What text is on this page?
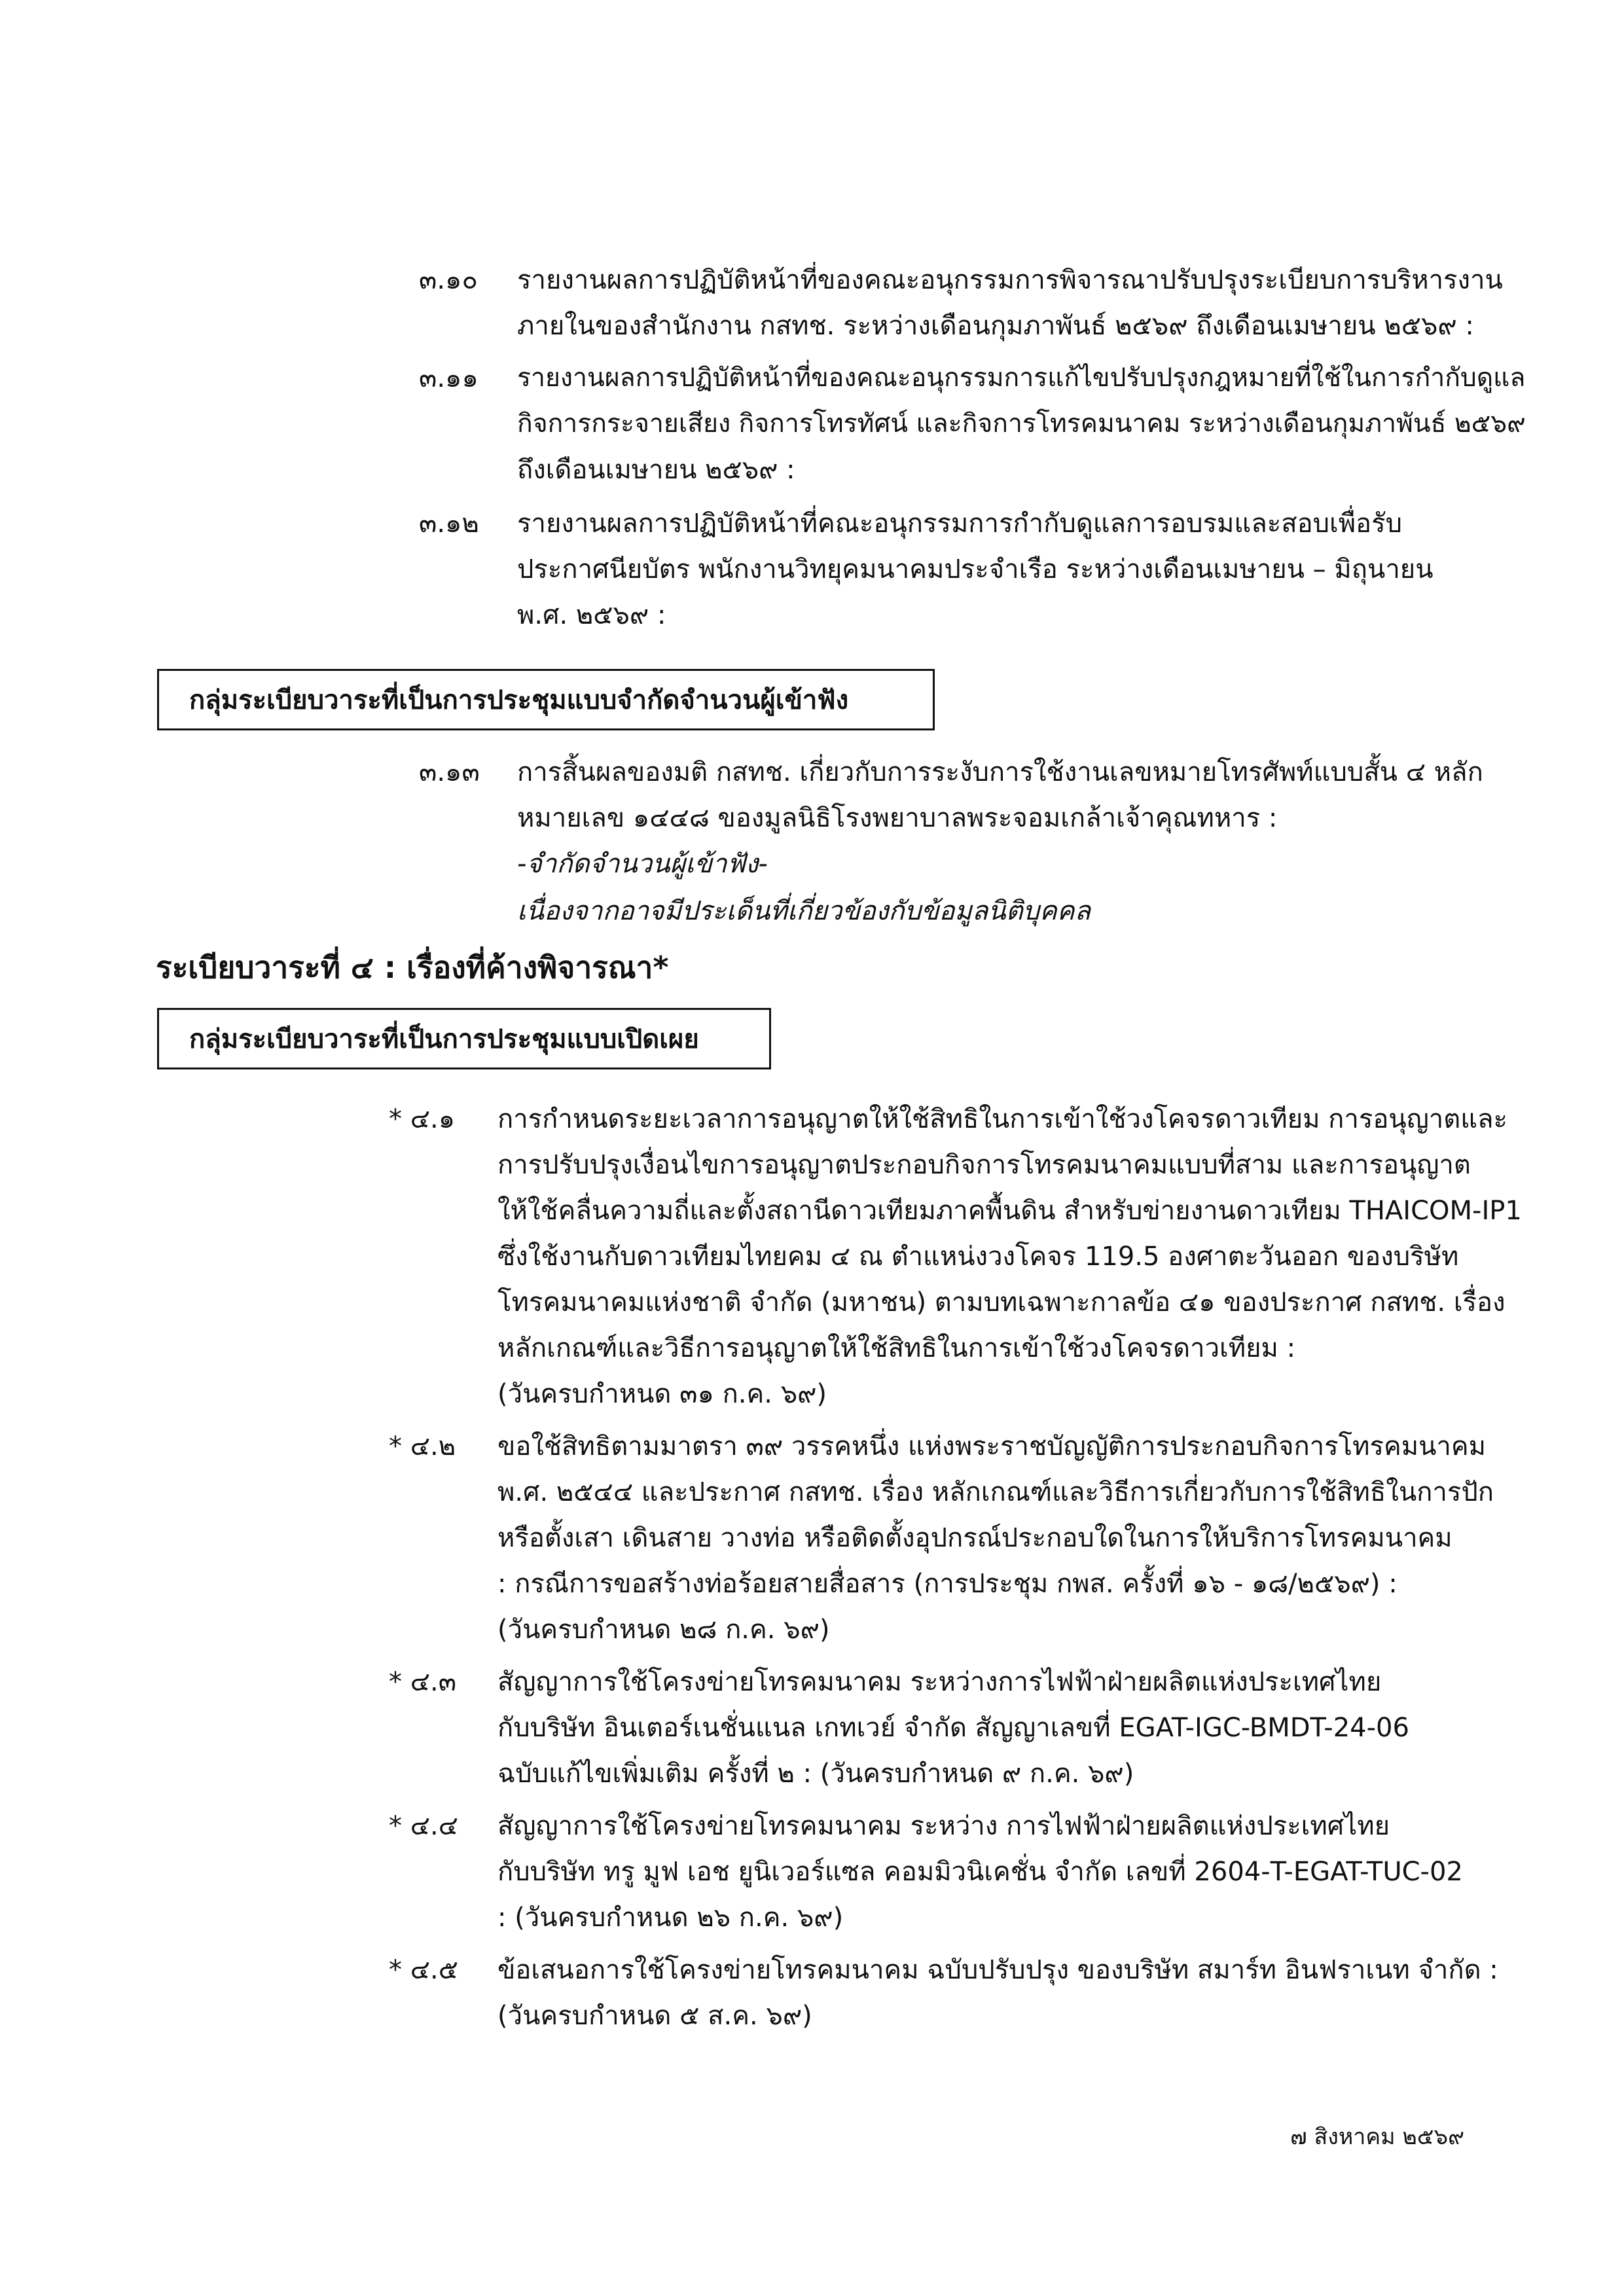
๓.๑๐ รายงานผลการปฏิบัติหน้าที่ของคณะอนุกรรมการพิจารณาปรับปรุงระเบียบการบริหารงาน
ภายในของสำนักงาน กสทช. ระหว่างเดือนกุมภาพันธ์ ๒๕๖๙ ถึงเดือนเมษายน ๒๕๖๙ :
๓.๑๑ รายงานผลการปฏิบัติหน้าที่ของคณะอนุกรรมการแก้ไขปรับปรุงกฎหมายที่ใช้ในการกำกับดูแล
กิจการกระจายเสียง กิจการโทรทัศน์ และกิจการโทรคมนาคม ระหว่างเดือนกุมภาพันธ์ ๒๕๖๙
ถึงเดือนเมษายน ๒๕๖๙ :
๓.๑๒ รายงานผลการปฏิบัติหน้าที่คณะอนุกรรมการกำกับดูแลการอบรมและสอบเพื่อรับ
ประกาศนียบัตร พนักงานวิทยุคมนาคมประจำเรือ ระหว่างเดือนเมษายน – มิถุนายน
พ.ศ. ๒๕๖๙ :
กลุ่มระเบียบวาระที่เป็นการประชุมแบบจำกัดจำนวนผู้เข้าฟัง
๓.๑๓ การสิ้นผลของมติ กสทช. เกี่ยวกับการระงับการใช้งานเลขหมายโทรศัพท์แบบสั้น ๔ หลัก
หมายเลข ๑๔๔๘ ของมูลนิธิโรงพยาบาลพระจอมเกล้าเจ้าคุณทหาร :
-จำกัดจำนวนผู้เข้าฟัง-
เนื่องจากอาจมีประเด็นที่เกี่ยวข้องกับข้อมูลนิติบุคคล
ระเบียบวาระที่ ๔ : เรื่องที่ค้างพิจารณา*
กลุ่มระเบียบวาระที่เป็นการประชุมแบบเปิดเผย
* ๔.๑ การกำหนดระยะเวลาการอนุญาตให้ใช้สิทธิในการเข้าใช้วงโคจรดาวเทียม การอนุญาตและ
การปรับปรุงเงื่อนไขการอนุญาตประกอบกิจการโทรคมนาคมแบบที่สาม และการอนุญาต
ให้ใช้คลื่นความถี่และตั้งสถานีดาวเทียมภาคพื้นดิน สำหรับข่ายงานดาวเทียม THAICOM-IP1
ซึ่งใช้งานกับดาวเทียมไทยคม ๔ ณ ตำแหน่งวงโคจร 119.5 องศาตะวันออก ของบริษัท
โทรคมนาคมแห่งชาติ จำกัด (มหาชน) ตามบทเฉพาะกาลข้อ ๔๑ ของประกาศ กสทช. เรื่อง
หลักเกณฑ์และวิธีการอนุญาตให้ใช้สิทธิในการเข้าใช้วงโคจรดาวเทียม :
(วันครบกำหนด ๓๑ ก.ค. ๖๙)
* ๔.๒ ขอใช้สิทธิตามมาตรา ๓๙ วรรคหนึ่ง แห่งพระราชบัญญัติการประกอบกิจการโทรคมนาคม
พ.ศ. ๒๕๔๔ และประกาศ กสทช. เรื่อง หลักเกณฑ์และวิธีการเกี่ยวกับการใช้สิทธิในการปัก
หรือตั้งเสา เดินสาย วางท่อ หรือติดตั้งอุปกรณ์ประกอบใดในการให้บริการโทรคมนาคม
: กรณีการขอสร้างท่อร้อยสายสื่อสาร (การประชุม กพส. ครั้งที่ ๑๖ - ๑๘/๒๕๖๙) :
(วันครบกำหนด ๒๘ ก.ค. ๖๙)
* ๔.๓ สัญญาการใช้โครงข่ายโทรคมนาคม ระหว่างการไฟฟ้าฝ่ายผลิตแห่งประเทศไทย
กับบริษัท อินเตอร์เนชั่นแนล เกทเวย์ จำกัด สัญญาเลขที่ EGAT-IGC-BMDT-24-06
ฉบับแก้ไขเพิ่มเติม ครั้งที่ ๒ : (วันครบกำหนด ๙ ก.ค. ๖๙)
* ๔.๔ สัญญาการใช้โครงข่ายโทรคมนาคม ระหว่าง การไฟฟ้าฝ่ายผลิตแห่งประเทศไทย
กับบริษัท ทรู มูฟ เอช ยูนิเวอร์แซล คอมมิวนิเคชั่น จำกัด เลขที่ 2604-T-EGAT-TUC-02
: (วันครบกำหนด ๒๖ ก.ค. ๖๙)
* ๔.๕ ข้อเสนอการใช้โครงข่ายโทรคมนาคม ฉบับปรับปรุง ของบริษัท สมาร์ท อินฟราเนท จำกัด :
(วันครบกำหนด ๕ ส.ค. ๖๙)
๗ สิงหาคม ๒๕๖๙
